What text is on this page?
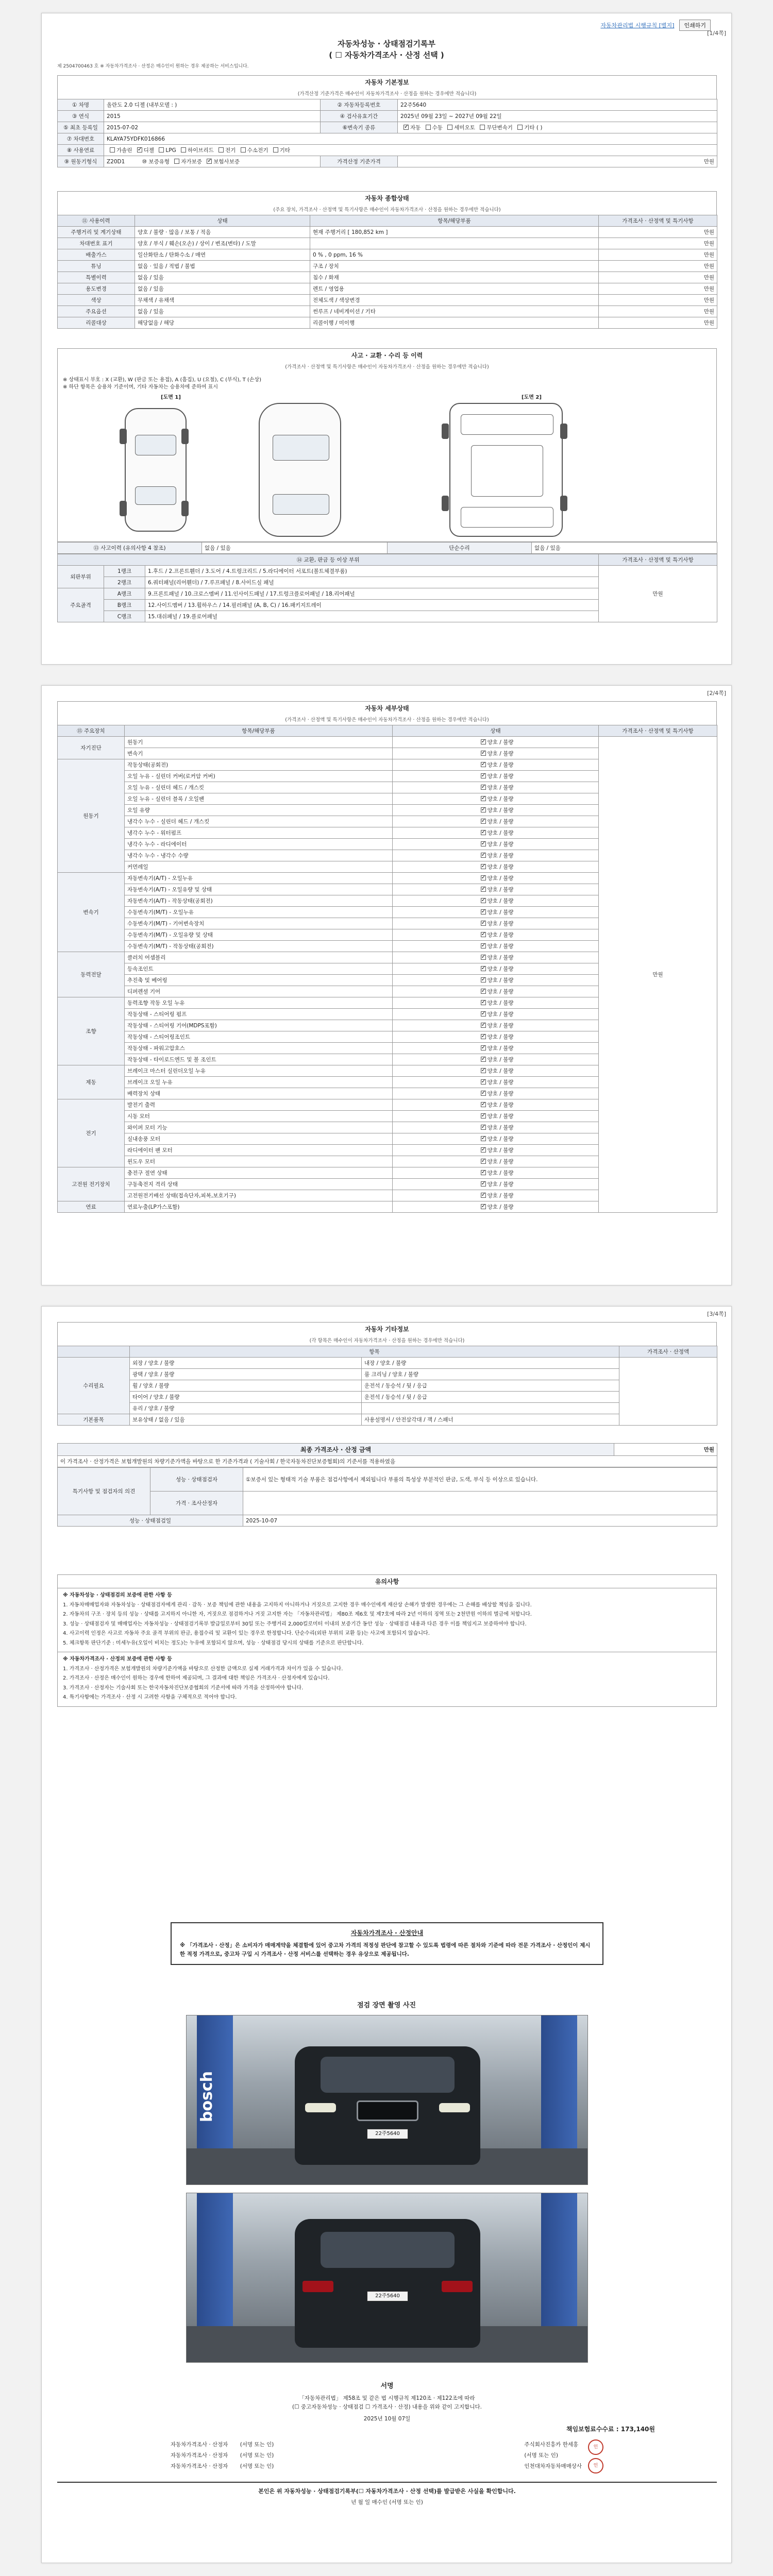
자동차관리법 시행규칙 [별지]	인쇄하기
[1/4쪽]
자동차성능 · 상태점검기록부
( ☐ 자동차가격조사 · 산정 선택 )
제 2504700463 호 ※ 자동차가격조사 · 산정은 매수인이 원하는 경우 제공하는 서비스입니다.
자동차 기본정보
(가격산정 기준가격은 매수인이 자동차가격조사 · 산정을 원하는 경우에만 적습니다)
① 차명	올란도 2.0 디젤 (내부모델 : )	② 자동차등록번호	22주5640
③ 연식	2015	④ 검사유효기간	2025년 09월 23일 ~ 2027년 09월 22일
⑤ 최초 등록일	2015-07-02	⑥변속기 종류	✓자동 수동 세미오토 무단변속기 기타 ( )
⑦ 차대번호	KLAYA75YDFK016866		
⑧ 사용연료	가솔린 ✓ 디젤 LPG 하이브리드 전기 수소전기 기타
⑨ 원동기형식	Z20D1 ⑩ 보증유형 자가보증 ✓ 보험사보증	가격산정 기준가격	만원
자동차 종합상태
(주요 장치, 가격조사 · 산정액 및 특기사항은 매수인이 자동차가격조사 · 산정을 원하는 경우에만 적습니다)
⑪ 사용이력	상태	항목/해당부품	가격조사 · 산정액 및 특기사항
주행거리 및 계기상태	양호 / 불량 · 많음 / 보통 / 적음	현재 주행거리 [ 180,852 km ]	만원
차대번호 표기	양호 / 부식 / 훼손(오손) / 상이 / 변조(변타) / 도말		만원
배출가스	일산화탄소 / 탄화수소 / 매연	0 % , 0 ppm, 16 %	만원
튜닝	없음 · 있음 / 적법 / 불법	구조 / 장치	만원
특별이력	없음 / 있음	침수 / 화재	만원
용도변경	없음 / 있음	렌트 / 영업용	만원
색상	무채색 / 유채색	전체도색 / 색상변경	만원
주요옵션	없음 / 있음	썬루프 / 네비게이션 / 기타	만원
리콜대상	해당없음 / 해당	리콜이행 / 미이행	만원
사고 · 교환 · 수리 등 이력
(가격조사 · 산정액 및 특기사항은 매수인이 자동차가격조사 · 산정을 원하는 경우에만 적습니다)
※ 상태표시 부호 : X (교환), W (판금 또는 용접), A (흠집), U (요철), C (부식), T (손상)
※ 하단 항목은 승용차 기준이며, 기타 자동차는 승용차에 준하여 표시
[도면 1]	[도면 2]
⑬ 사고이력 (유의사항 4 참조)	없음 / 있음	단순수리	없음 / 있음
⑭ 교환, 판금 등 이상 부위			가격조사 · 산정액 및 특기사항
외판부위	1랭크	1.후드 / 2.프론트휀더 / 3.도어 / 4.트렁크리드 / 5.라디에이터 서포트(볼트체결부품)	만원
	2랭크	6.쿼터패널(리어휀더) / 7.루프패널 / 8.사이드실 패널	
주요골격	A랭크	9.프론트패널 / 10.크로스멤버 / 11.인사이드패널 / 17.트렁크플로어패널 / 18.리어패널	
	B랭크	12.사이드멤버 / 13.휠하우스 / 14.필러패널 (A, B, C) / 16.패키지트레이	
	C랭크	15.대쉬패널 / 19.플로어패널	
[2/4쪽]
자동차 세부상태
(가격조사 · 산정액 및 특기사항은 매수인이 자동차가격조사 · 산정을 원하는 경우에만 적습니다)
⑮ 주요장치	항목/해당부품	상태	가격조사 · 산정액 및 특기사항
자기진단	원동기	✓양호 / 불량	만원
	변속기	✓양호 / 불량
원동기	작동상태(공회전)	✓양호 / 불량
	오일 누유 - 실린더 커버(로커암 커버)	✓양호 / 불량
	오일 누유 - 실린더 헤드 / 개스킷	✓양호 / 불량
	오일 누유 - 실린더 블록 / 오일팬	✓양호 / 불량
	오일 유량	✓양호 / 불량
	냉각수 누수 - 실린더 헤드 / 개스킷	✓양호 / 불량
	냉각수 누수 - 워터펌프	✓양호 / 불량
	냉각수 누수 - 라디에이터	✓양호 / 불량
	냉각수 누수 - 냉각수 수량	✓양호 / 불량
	커먼레일	✓양호 / 불량
변속기	자동변속기(A/T) - 오일누유	✓양호 / 불량
	자동변속기(A/T) - 오일유량 및 상태	✓양호 / 불량
	자동변속기(A/T) - 작동상태(공회전)	✓양호 / 불량
	수동변속기(M/T) - 오일누유	✓양호 / 불량
	수동변속기(M/T) - 기어변속장치	✓양호 / 불량
	수동변속기(M/T) - 오일유량 및 상태	✓양호 / 불량
	수동변속기(M/T) - 작동상태(공회전)	✓양호 / 불량
동력전달	클러치 어셈블리	✓양호 / 불량
	등속조인트	✓양호 / 불량
	추진축 및 베어링	✓양호 / 불량
	디퍼렌셜 기어	✓양호 / 불량
조향	동력조향 작동 오일 누유	✓양호 / 불량
	작동상태 - 스티어링 펌프	✓양호 / 불량
	작동상태 - 스티어링 기어(MDPS포함)	✓양호 / 불량
	작동상태 - 스티어링조인트	✓양호 / 불량
	작동상태 - 파워고압호스	✓양호 / 불량
	작동상태 - 타이로드엔드 및 볼 조인트	✓양호 / 불량
제동	브레이크 마스터 실린더오일 누유	✓양호 / 불량
	브레이크 오일 누유	✓양호 / 불량
	배력장치 상태	✓양호 / 불량
전기	발전기 출력	✓양호 / 불량
	시동 모터	✓양호 / 불량
	와이퍼 모터 기능	✓양호 / 불량
	실내송풍 모터	✓양호 / 불량
	라디에이터 팬 모터	✓양호 / 불량
	윈도우 모터	✓양호 / 불량
고전원 전기장치	충전구 절연 상태	✓양호 / 불량
	구동축전지 격리 상태	✓양호 / 불량
	고전원전기배선 상태(접속단자,피복,보호기구)	✓양호 / 불량
연료	연료누출(LP가스포함)	✓양호 / 불량
[3/4쪽]
자동차 기타정보
(각 항목은 매수인이 자동차가격조사 · 산정을 원하는 경우에만 적습니다)
	항목		가격조사 · 산정액
수리필요	외장 / 양호 / 불량	내장 / 양호 / 불량	
	광택 / 양호 / 불량	룸 크리닝 / 양호 / 불량	
	휠 / 양호 / 불량	운전석 / 동승석 / 뒷 / 응급	
	타이어 / 양호 / 불량	운전석 / 동승석 / 뒷 / 응급	
	유리 / 양호 / 불량		
기본품목	보유상태 / 없음 / 있음	사용설명서 / 안전삼각대 / 잭 / 스패너	
최종 가격조사 · 산정 금액	만원
이 가격조사 · 산정가격은 보험개발원의 차량기준가액을 바탕으로 한 기준가격과 ( 기술사회 / 한국자동차진단보증협회)의 기준서를 적용하였음
특기사항 및 점검자의 의견	성능 · 상태점검자	①보증서 있는 형태적 기술 부품은 점검사항에서 제외됩니다 부품의 특성상 부분적인 판금, 도색, 부식 등 이상으로 있습니다.
	가격 · 조사산정자	
성능 · 상태점검일		2025-10-07
유의사항

※ 자동차성능 · 상태점검의 보증에 관한 사항 등

1. 자동차매매업자와 자동차성능 · 상태점검자에게 관리 · 감독 · 보증 책임에 관한 내용을 고지하지 아니하거나 거짓으로 고지한 경우 매수인에게 재산상 손해가 발생한 경우에는 그 손해를 배상할 책임을 집니다.

2. 자동차의 구조 · 장치 등의 성능 · 상태를 고지하지 아니한 자, 거짓으로 점검하거나 거짓 고지한 자는 「자동차관리법」 제80조 제6호 및 제7호에 따라 2년 이하의 징역 또는 2천만원 이하의 벌금에 처합니다.

3. 성능 · 상태점검자 및 매매업자는 자동차성능 · 상태점검기록부 발급일로부터 30일 또는 주행거리 2,000킬로미터 이내의 보증기간 동안 성능 · 상태점검 내용과 다른 경우 이를 책임지고 보증하여야 합니다.

4. 사고이력 인정은 사고로 자동차 주요 골격 부위의 판금, 용접수리 및 교환이 있는 경우로 한정합니다. 단순수리(외판 부위의 교환 등)는 사고에 포함되지 않습니다.

5. 체크항목 판단기준 : 미세누유(오일이 비치는 정도)는 누유에 포함되지 않으며, 성능 · 상태점검 당시의 상태를 기준으로 판단합니다.

※ 자동차가격조사 · 산정의 보증에 관한 사항 등

1. 가격조사 · 산정가격은 보험개발원의 차량기준가액을 바탕으로 산정한 금액으로 실제 거래가격과 차이가 있을 수 있습니다.

2. 가격조사 · 산정은 매수인이 원하는 경우에 한하여 제공되며, 그 결과에 대한 책임은 가격조사 · 산정자에게 있습니다.

3. 가격조사 · 산정자는 기술사회 또는 한국자동차진단보증협회의 기준서에 따라 가격을 산정하여야 합니다.

4. 특기사항에는 가격조사 · 산정 시 고려한 사항을 구체적으로 적어야 합니다.

자동차가격조사 · 산정안내
※ 「가격조사 · 산정」은 소비자가 매매계약을 체결함에 있어 중고차 가격의 적정성 판단에 참고할 수 있도록 법령에 따른 절차와 기준에 따라 전문 가격조사 · 산정인이 제시한 적정 가격으로, 중고차 구입 시 가격조사 · 산정 서비스를 선택하는 경우 유상으로 제공됩니다.
점검 장면 촬영 사진
bosch
22주5640
22주5640
서명
「자동차관리법」 제58조 및 같은 법 시행규칙 제120조 · 제122조에 따라
(☐ 중고자동차성능 · 상태점검 ☐ 가격조사 · 산정) 내용을 위와 같이 고지합니다.
2025년 10월 07일
책임보험료수수료 : 173,140원
자동차가격조사 · 산정자 (서명 또는 인)
자동차가격조사 · 산정자 (서명 또는 인)
자동차가격조사 · 산정자 (서명 또는 인)
주식회사진흥카 한세홍
(서명 또는 인)
인천대차자동차매매상사
인
인
본인은 위 자동차성능 · 상태점검기록부(☐ 자동차가격조사 · 산정 선택)를 발급받은 사실을 확인합니다.
년 월 일 매수인 (서명 또는 인)
